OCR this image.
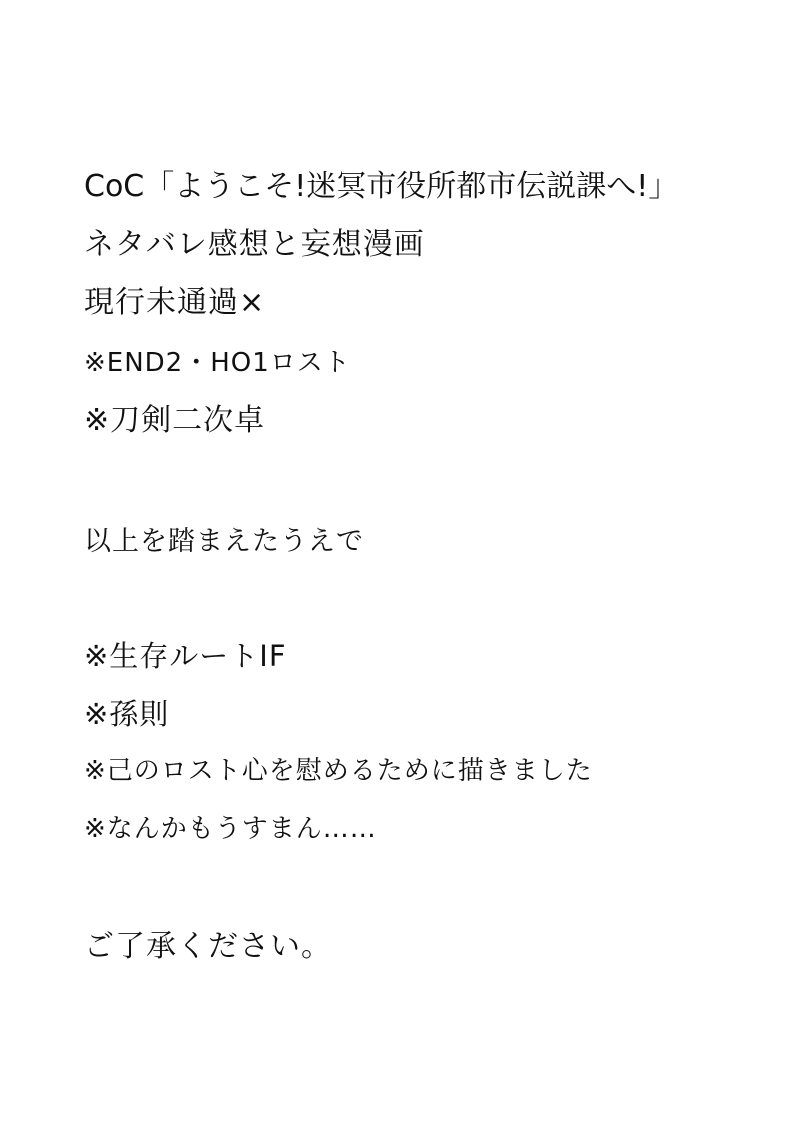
CoC「ようこそ!迷冥市役所都市伝説課へ!」
ネタバレ感想と妄想漫画
現行未通過×
※END2・HO1ロスト
※刀剣二次卓
以上を踏まえたうえで
※生存ルートIF
※孫則
※己のロスト心を慰めるために描きました
※なんかもうすまん……
ご了承ください。
